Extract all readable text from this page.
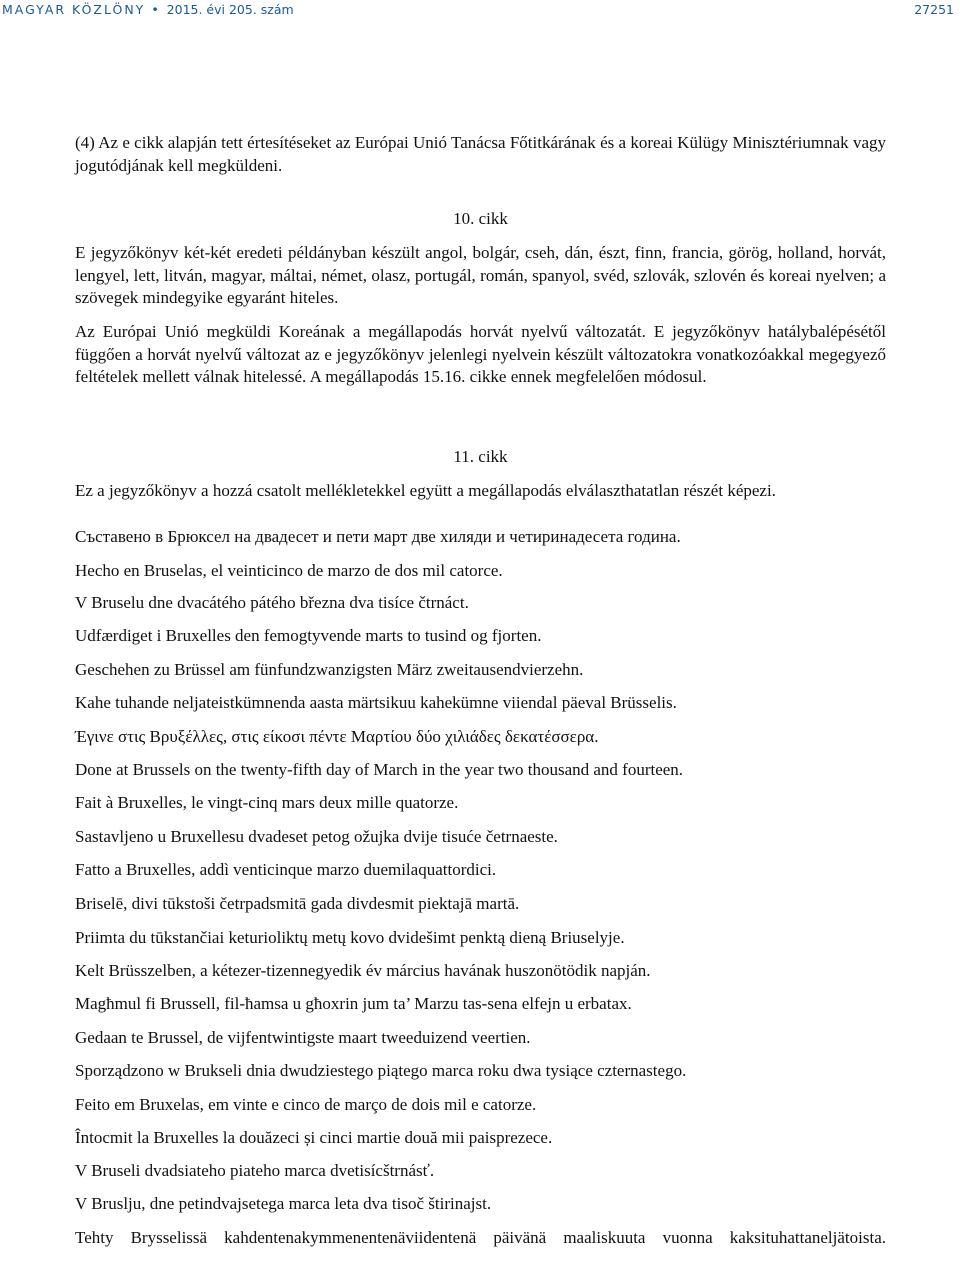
MAGYAR KÖZLÖNY • 2015. évi 205. szám	27251

(4) Az e cikk alapján tett értesítéseket az Európai Unió Tanácsa Főtitkárának és a koreai Külügy Minisztériumnak vagy jogutódjának kell megküldeni.

10. cikk

E jegyzőkönyv két-két eredeti példányban készült angol, bolgár, cseh, dán, észt, finn, francia, görög, holland, horvát, lengyel, lett, litván, magyar, máltai, német, olasz, portugál, román, spanyol, svéd, szlovák, szlovén és koreai nyelven; a szövegek mindegyike egyaránt hiteles.

Az Európai Unió megküldi Koreának a megállapodás horvát nyelvű változatát. E jegyzőkönyv hatálybalépésétől függően a horvát nyelvű változat az e jegyzőkönyv jelenlegi nyelvein készült változatokra vonatkozóakkal megegyező feltételek mellett válnak hitelessé. A megállapodás 15.16. cikke ennek megfelelően módosul.

11. cikk

Ez a jegyzőkönyv a hozzá csatolt mellékletekkel együtt a megállapodás elválaszthatatlan részét képezi.

Съставено в Брюксел на двадесет и пети март две хиляди и четиринадесета година.

Hecho en Bruselas, el veinticinco de marzo de dos mil catorce.

V Bruselu dne dvacátého pátého března dva tisíce čtrnáct.

Udfærdiget i Bruxelles den femogtyvende marts to tusind og fjorten.

Geschehen zu Brüssel am fünfundzwanzigsten März zweitausendvierzehn.

Kahe tuhande neljateistkümnenda aasta märtsikuu kahekümne viiendal päeval Brüsselis.

Έγινε στις Βρυξέλλες, στις είκοσι πέντε Μαρτίου δύο χιλιάδες δεκατέσσερα.

Done at Brussels on the twenty-fifth day of March in the year two thousand and fourteen.

Fait à Bruxelles, le vingt-cinq mars deux mille quatorze.

Sastavljeno u Bruxellesu dvadeset petog ožujka dvije tisuće četrnaeste.

Fatto a Bruxelles, addì venticinque marzo duemilaquattordici.

Briselē, divi tūkstoši četrpadsmitā gada divdesmit piektajā martā.

Priimta du tūkstančiai keturioliktų metų kovo dvidešimt penktą dieną Briuselyje.

Kelt Brüsszelben, a kétezer-tizennegyedik év március havának huszonötödik napján.

Magħmul fi Brussell, fil-ħamsa u għoxrin jum ta’ Marzu tas-sena elfejn u erbatax.

Gedaan te Brussel, de vijfentwintigste maart tweeduizend veertien.

Sporządzono w Brukseli dnia dwudziestego piątego marca roku dwa tysiące czternastego.

Feito em Bruxelas, em vinte e cinco de março de dois mil e catorze.

Întocmit la Bruxelles la douăzeci și cinci martie două mii paisprezece.

V Bruseli dvadsiateho piateho marca dvetisícštrnásť.

V Bruslju, dne petindvajsetega marca leta dva tisoč štirinajst.

Tehty Brysselissä kahdentenakymmenentenäviidentenä päivänä maaliskuuta vuonna kaksituhattaneljätoista.
